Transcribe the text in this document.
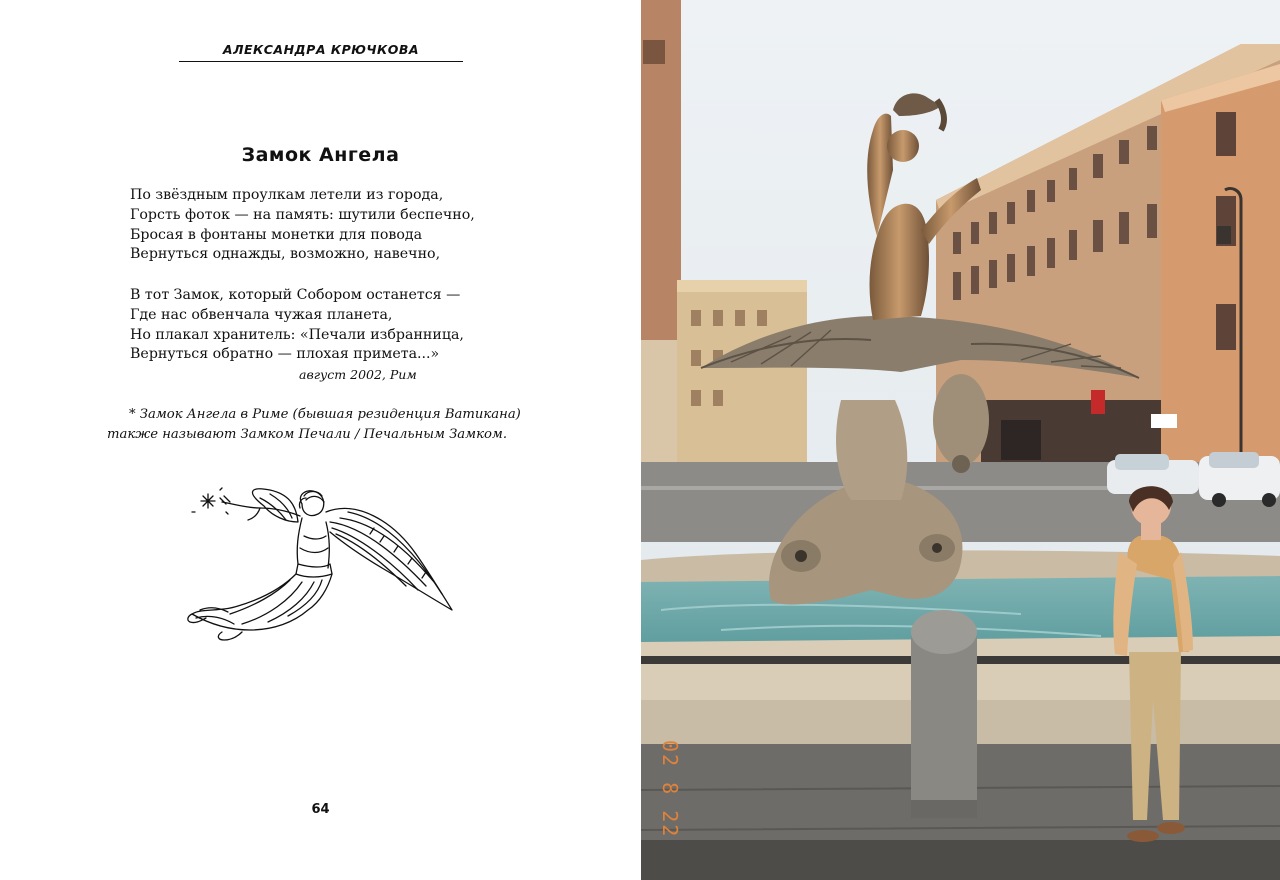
АЛЕКСАНДРА КРЮЧКОВА
Замок Ангела
По звёздным проулкам летели из города,
Горсть фоток — на память: шутили беспечно,
Бросая в фонтаны монетки для повода
Вернуться однажды, возможно, навечно,
В тот Замок, который Собором останется —
Где нас обвенчала чужая планета,
Но плакал хранитель: «Печали избранница,
Вернуться обратно — плохая примета...»
август 2002, Рим
* Замок Ангела в Риме (бывшая резиденция Ватикана)
также называют Замком Печали / Печальным Замком.
64	02 8 22
